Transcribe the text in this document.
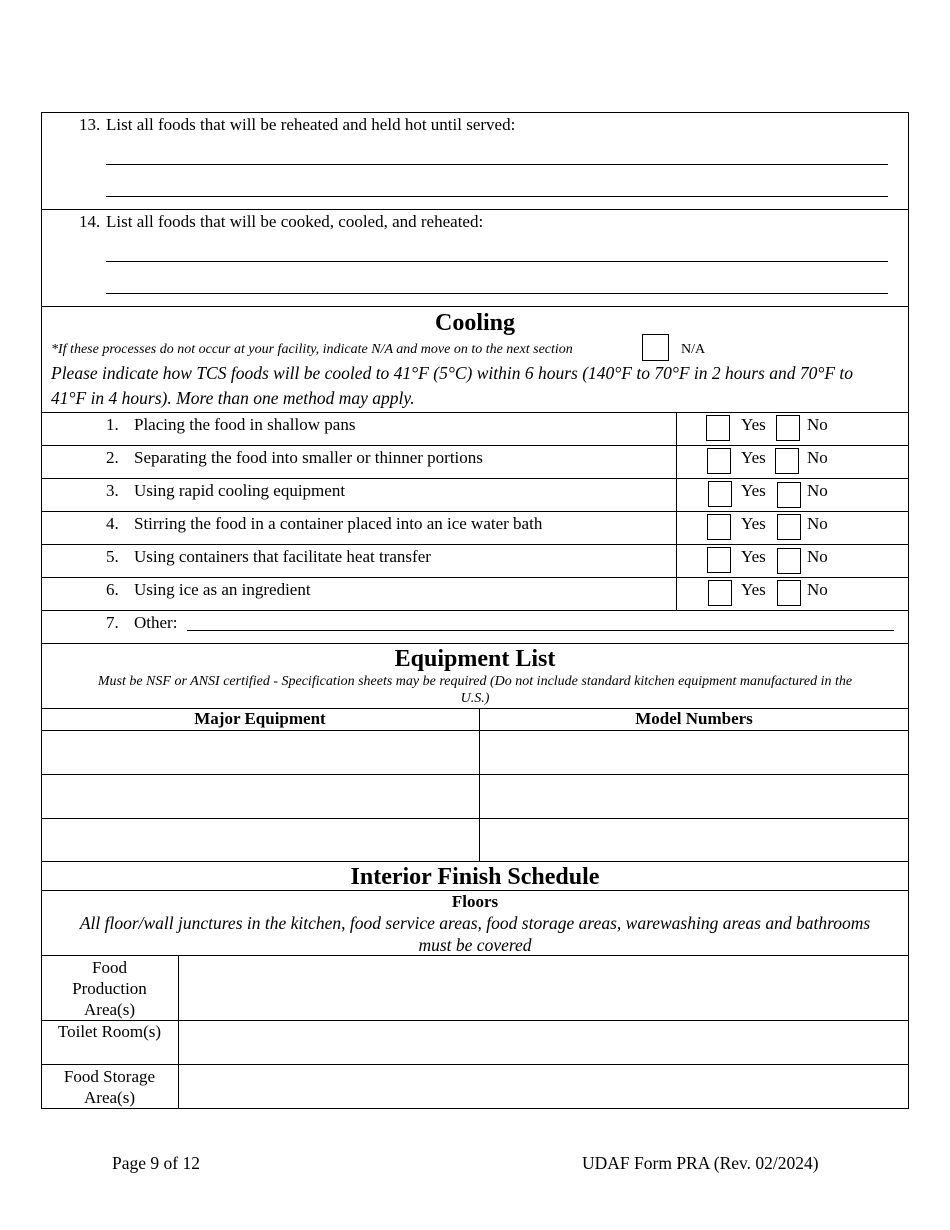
13. List all foods that will be reheated and held hot until served:
14. List all foods that will be cooked, cooled, and reheated:
Cooling
*If these processes do not occur at your facility, indicate N/A and move on to the next section	N/A
Please indicate how TCS foods will be cooled to 41°F (5°C) within 6 hours (140°F to 70°F in 2 hours and 70°F to
41°F in 4 hours). More than one method may apply.
1. Placing the food in shallow pans	Yes No
2. Separating the food into smaller or thinner portions	Yes No
3. Using rapid cooling equipment	Yes No
4. Stirring the food in a container placed into an ice water bath	Yes No
5. Using containers that facilitate heat transfer	Yes No
6. Using ice as an ingredient	Yes No
7. Other:
Equipment List
Must be NSF or ANSI certified - Specification sheets may be required (Do not include standard kitchen equipment manufactured in the
U.S.)
Major Equipment	Model Numbers
Interior Finish Schedule
Floors
All floor/wall junctures in the kitchen, food service areas, food storage areas, warewashing areas and bathrooms
must be covered
Food
Production
Area(s)
Toilet Room(s)
Food Storage
Area(s)
Page 9 of 12	UDAF Form PRA (Rev. 02/2024)
